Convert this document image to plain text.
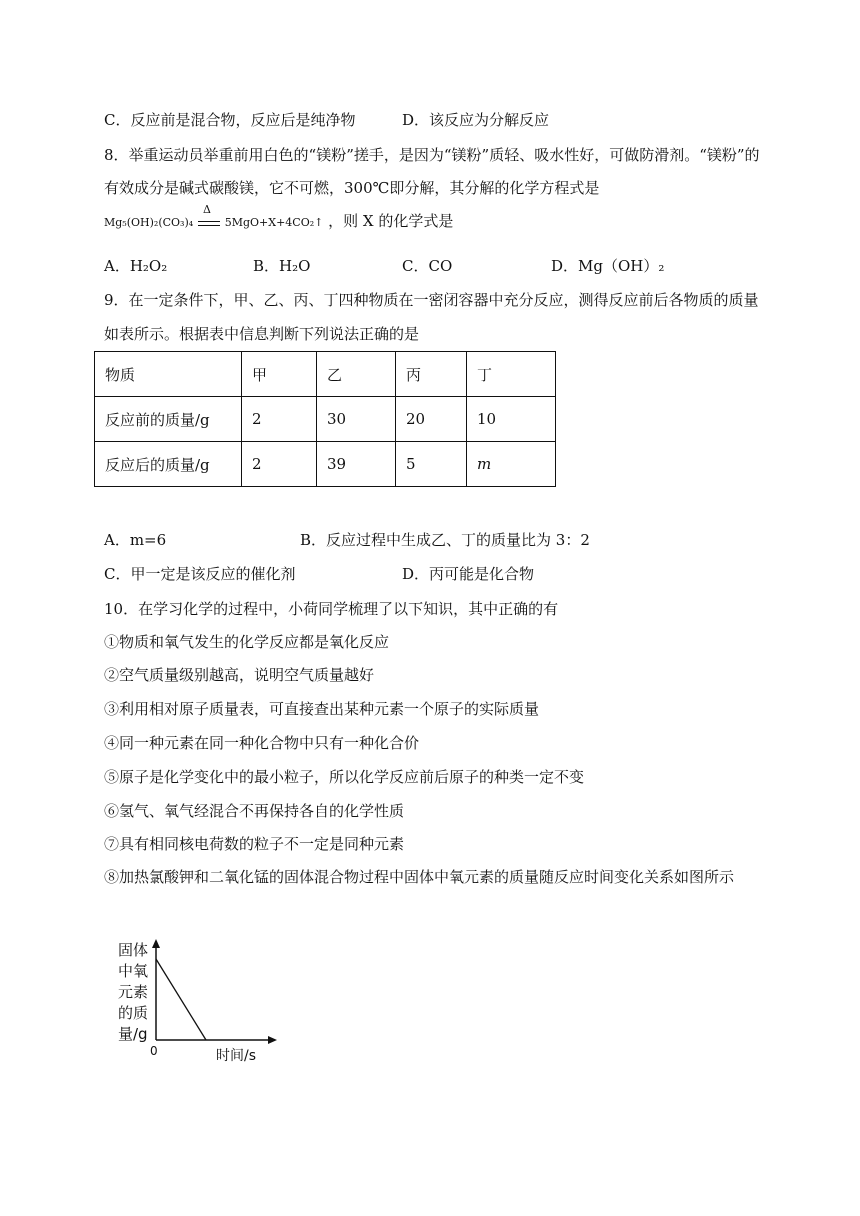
C．反应前是混合物，反应后是纯净物	D．该反应为分解反应
8．举重运动员举重前用白色的“镁粉”搓手，是因为“镁粉”质轻、吸水性好，可做防滑剂。“镁粉”的
有效成分是碱式碳酸镁，它不可燃，300℃即分解，其分解的化学方程式是
Mg₅(OH)₂(CO₃)₄
Δ
5MgO+X+4CO₂↑ ，则 X 的化学式是
A．H₂O₂	B．H₂O	C．CO	D．Mg（OH）₂
9．在一定条件下，甲、乙、丙、丁四种物质在一密闭容器中充分反应，测得反应前后各物质的质量
如表所示。根据表中信息判断下列说法正确的是
物质	甲	乙	丙	丁
反应前的质量/g	2	30	20	10
反应后的质量/g	2	39	5	m
A．m=6	B．反应过程中生成乙、丁的质量比为 3：2
C．甲一定是该反应的催化剂	D．丙可能是化合物
10．在学习化学的过程中，小荷同学梳理了以下知识，其中正确的有
①物质和氧气发生的化学反应都是氧化反应
②空气质量级别越高，说明空气质量越好
③利用相对原子质量表，可直接查出某种元素一个原子的实际质量
④同一种元素在同一种化合物中只有一种化合价
⑤原子是化学变化中的最小粒子，所以化学反应前后原子的种类一定不变
⑥氢气、氧气经混合不再保持各自的化学性质
⑦具有相同核电荷数的粒子不一定是同种元素
⑧加热氯酸钾和二氧化锰的固体混合物过程中固体中氧元素的质量随反应时间变化关系如图所示
固体中氧元素的质量/g
0	时间/s
